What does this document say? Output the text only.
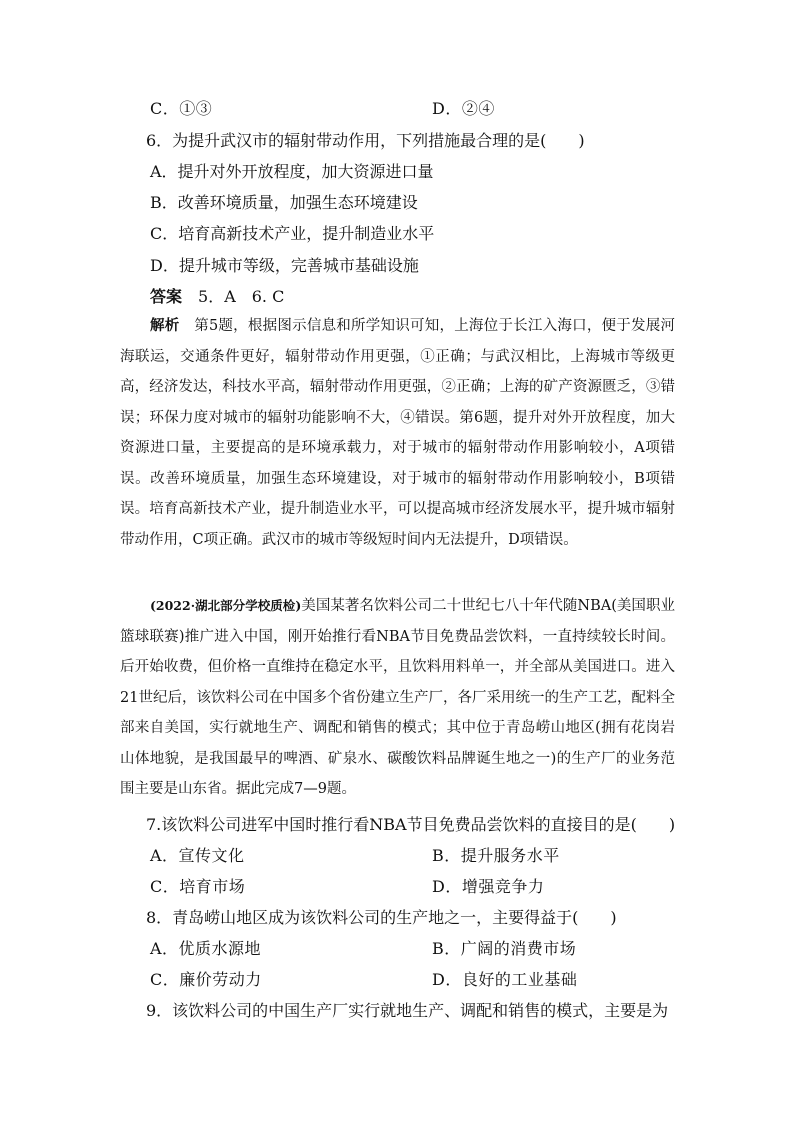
C．①③	D．②④
6．为提升武汉市的辐射带动作用，下列措施最合理的是(　　)
A．提升对外开放程度，加大资源进口量
B．改善环境质量，加强生态环境建设
C．培育高新技术产业，提升制造业水平
D．提升城市等级，完善城市基础设施
答案　5．A　6. C
解析　第5题，根据图示信息和所学知识可知，上海位于长江入海口，便于发展河海联运，交通条件更好，辐射带动作用更强，①正确；与武汉相比，上海城市等级更高，经济发达，科技水平高，辐射带动作用更强，②正确；上海的矿产资源匮乏，③错误；环保力度对城市的辐射功能影响不大，④错误。第6题，提升对外开放程度，加大资源进口量，主要提高的是环境承载力，对于城市的辐射带动作用影响较小，A项错误。改善环境质量，加强生态环境建设，对于城市的辐射带动作用影响较小，B项错误。培育高新技术产业，提升制造业水平，可以提高城市经济发展水平，提升城市辐射带动作用，C项正确。武汉市的城市等级短时间内无法提升，D项错误。
(2022·湖北部分学校质检)美国某著名饮料公司二十世纪七八十年代随NBA(美国职业篮球联赛)推广进入中国，刚开始推行看NBA节目免费品尝饮料，一直持续较长时间。后开始收费，但价格一直维持在稳定水平，且饮料用料单一，并全部从美国进口。进入21世纪后，该饮料公司在中国多个省份建立生产厂，各厂采用统一的生产工艺，配料全部来自美国，实行就地生产、调配和销售的模式；其中位于青岛崂山地区(拥有花岗岩山体地貌，是我国最早的啤酒、矿泉水、碳酸饮料品牌诞生地之一)的生产厂的业务范围主要是山东省。据此完成7—9题。
7.该饮料公司进军中国时推行看NBA节目免费品尝饮料的直接目的是(　　)
A．宣传文化	B．提升服务水平
C．培育市场	D．增强竞争力
8．青岛崂山地区成为该饮料公司的生产地之一，主要得益于(　　)
A．优质水源地	B．广阔的消费市场
C．廉价劳动力	D．良好的工业基础
9．该饮料公司的中国生产厂实行就地生产、调配和销售的模式，主要是为
